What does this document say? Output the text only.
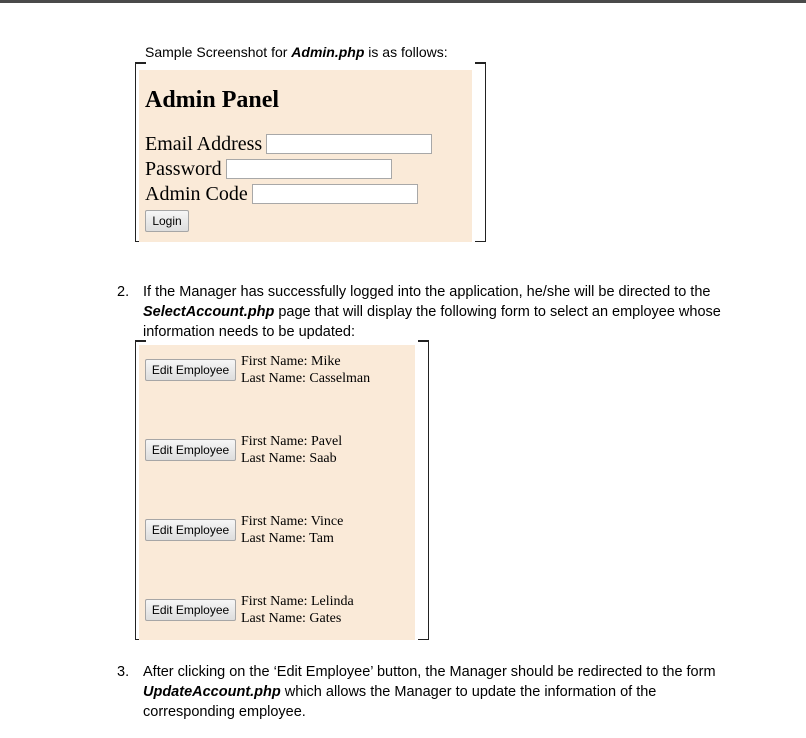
Sample Screenshot for Admin.php is as follows:
Admin Panel
Email Address
Password
Admin Code
Login
2. If the Manager has successfully logged into the application, he/she will be directed to the SelectAccount.php page that will display the following form to select an employee whose information needs to be updated:
Edit Employee
First Name: Mike
Last Name: Casselman
Edit Employee
First Name: Pavel
Last Name: Saab
Edit Employee
First Name: Vince
Last Name: Tam
Edit Employee
First Name: Lelinda
Last Name: Gates
3. After clicking on the ‘Edit Employee’ button, the Manager should be redirected to the form UpdateAccount.php which allows the Manager to update the information of the corresponding employee.
